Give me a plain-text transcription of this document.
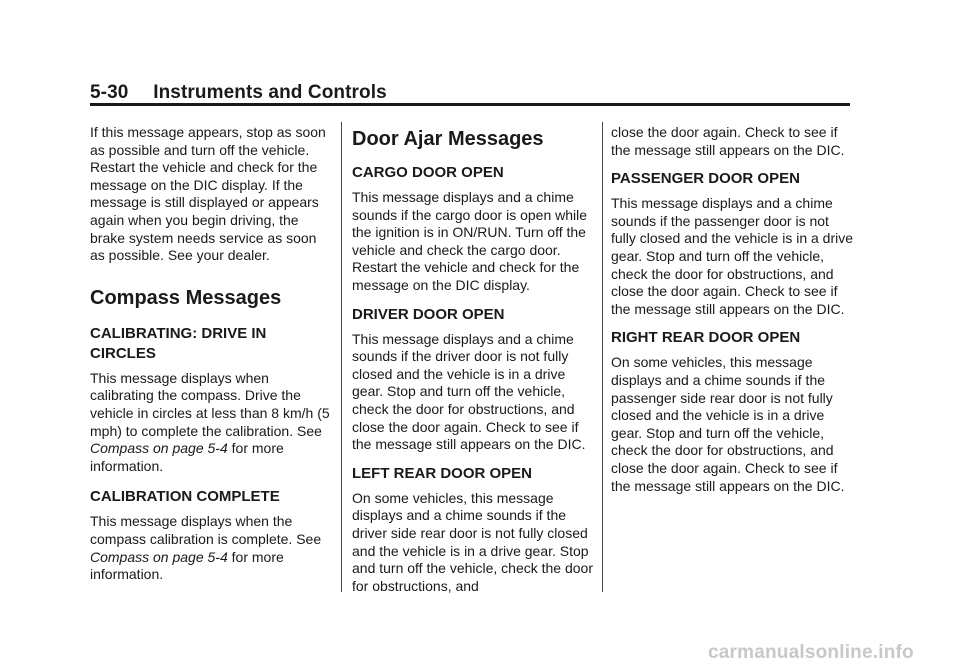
5-30 Instruments and Controls

If this message appears, stop as soon as possible and turn off the vehicle. Restart the vehicle and check for the message on the DIC display. If the message is still displayed or appears again when you begin driving, the brake system needs service as soon as possible. See your dealer.

Compass Messages
CALIBRATING: DRIVE IN CIRCLES

This message displays when calibrating the compass. Drive the vehicle in circles at less than 8 km/h (5 mph) to complete the calibration. See Compass on page 5‑4 for more information.

CALIBRATION COMPLETE

This message displays when the compass calibration is complete. See Compass on page 5‑4 for more information.

Door Ajar Messages
CARGO DOOR OPEN

This message displays and a chime sounds if the cargo door is open while the ignition is in ON/RUN. Turn off the vehicle and check the cargo door. Restart the vehicle and check for the message on the DIC display.

DRIVER DOOR OPEN

This message displays and a chime sounds if the driver door is not fully closed and the vehicle is in a drive gear. Stop and turn off the vehicle, check the door for obstructions, and close the door again. Check to see if the message still appears on the DIC.

LEFT REAR DOOR OPEN

On some vehicles, this message displays and a chime sounds if the driver side rear door is not fully closed and the vehicle is in a drive gear. Stop and turn off the vehicle, check the door for obstructions, and

close the door again. Check to see if the message still appears on the DIC.

PASSENGER DOOR OPEN

This message displays and a chime sounds if the passenger door is not fully closed and the vehicle is in a drive gear. Stop and turn off the vehicle, check the door for obstructions, and close the door again. Check to see if the message still appears on the DIC.

RIGHT REAR DOOR OPEN

On some vehicles, this message displays and a chime sounds if the passenger side rear door is not fully closed and the vehicle is in a drive gear. Stop and turn off the vehicle, check the door for obstructions, and close the door again. Check to see if the message still appears on the DIC.

carmanualsonline.info
